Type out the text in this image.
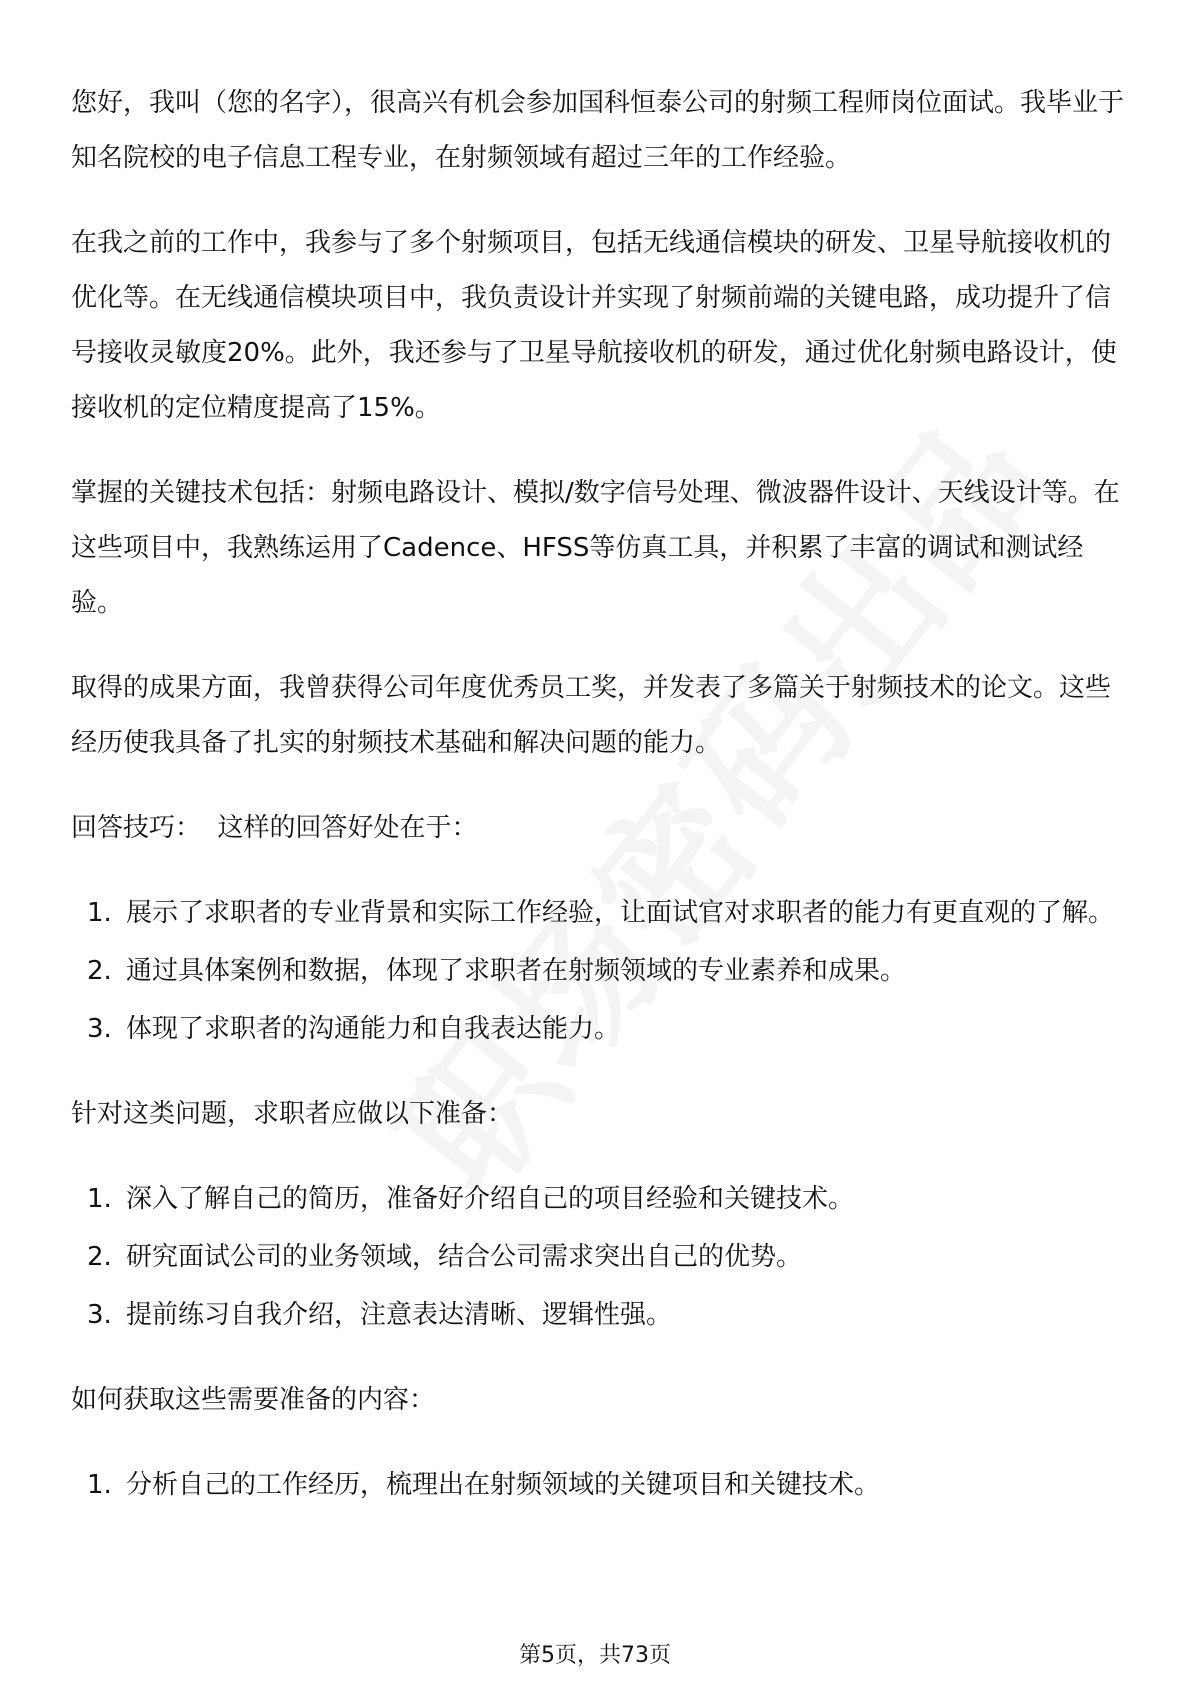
您好，我叫（您的名字），很高兴有机会参加国科恒泰公司的射频工程师岗位面试。我毕业于知名院校的电子信息工程专业，在射频领域有超过三年的工作经验。

在我之前的工作中，我参与了多个射频项目，包括无线通信模块的研发、卫星导航接收机的优化等。在无线通信模块项目中，我负责设计并实现了射频前端的关键电路，成功提升了信号接收灵敏度20%。此外，我还参与了卫星导航接收机的研发，通过优化射频电路设计，使接收机的定位精度提高了15%。

掌握的关键技术包括：射频电路设计、模拟/数字信号处理、微波器件设计、天线设计等。在这些项目中，我熟练运用了Cadence、HFSS等仿真工具，并积累了丰富的调试和测试经验。

取得的成果方面，我曾获得公司年度优秀员工奖，并发表了多篇关于射频技术的论文。这些经历使我具备了扎实的射频技术基础和解决问题的能力。

回答技巧：  这样的回答好处在于：

1. 展示了求职者的专业背景和实际工作经验，让面试官对求职者的能力有更直观的了解。
2. 通过具体案例和数据，体现了求职者在射频领域的专业素养和成果。
3. 体现了求职者的沟通能力和自我表达能力。

针对这类问题，求职者应做以下准备：

1. 深入了解自己的简历，准备好介绍自己的项目经验和关键技术。
2. 研究面试公司的业务领域，结合公司需求突出自己的优势。
3. 提前练习自我介绍，注意表达清晰、逻辑性强。

如何获取这些需要准备的内容：

1. 分析自己的工作经历，梳理出在射频领域的关键项目和关键技术。
第5页，共73页
